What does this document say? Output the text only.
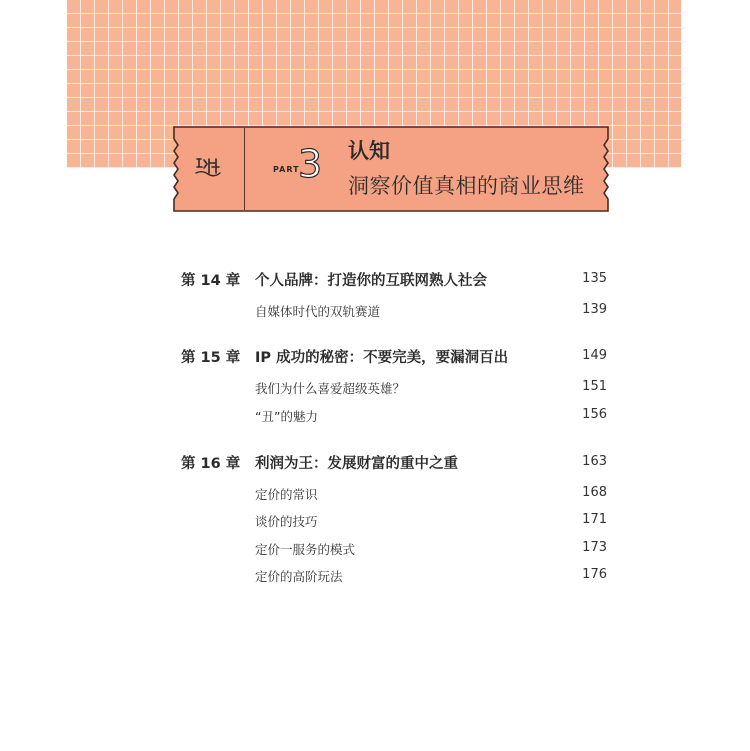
PART
3 认知
洞察价值真相的商业思维
第 14 章 个人品牌：打造你的互联网熟人社会	135
自媒体时代的双轨赛道	139
第 15 章 IP 成功的秘密：不要完美，要漏洞百出	149
我们为什么喜爱超级英雄？	151
“丑”的魅力	156
第 16 章 利润为王：发展财富的重中之重	163
定价的常识	168
谈价的技巧	171
定价一服务的模式	173
定价的高阶玩法	176
